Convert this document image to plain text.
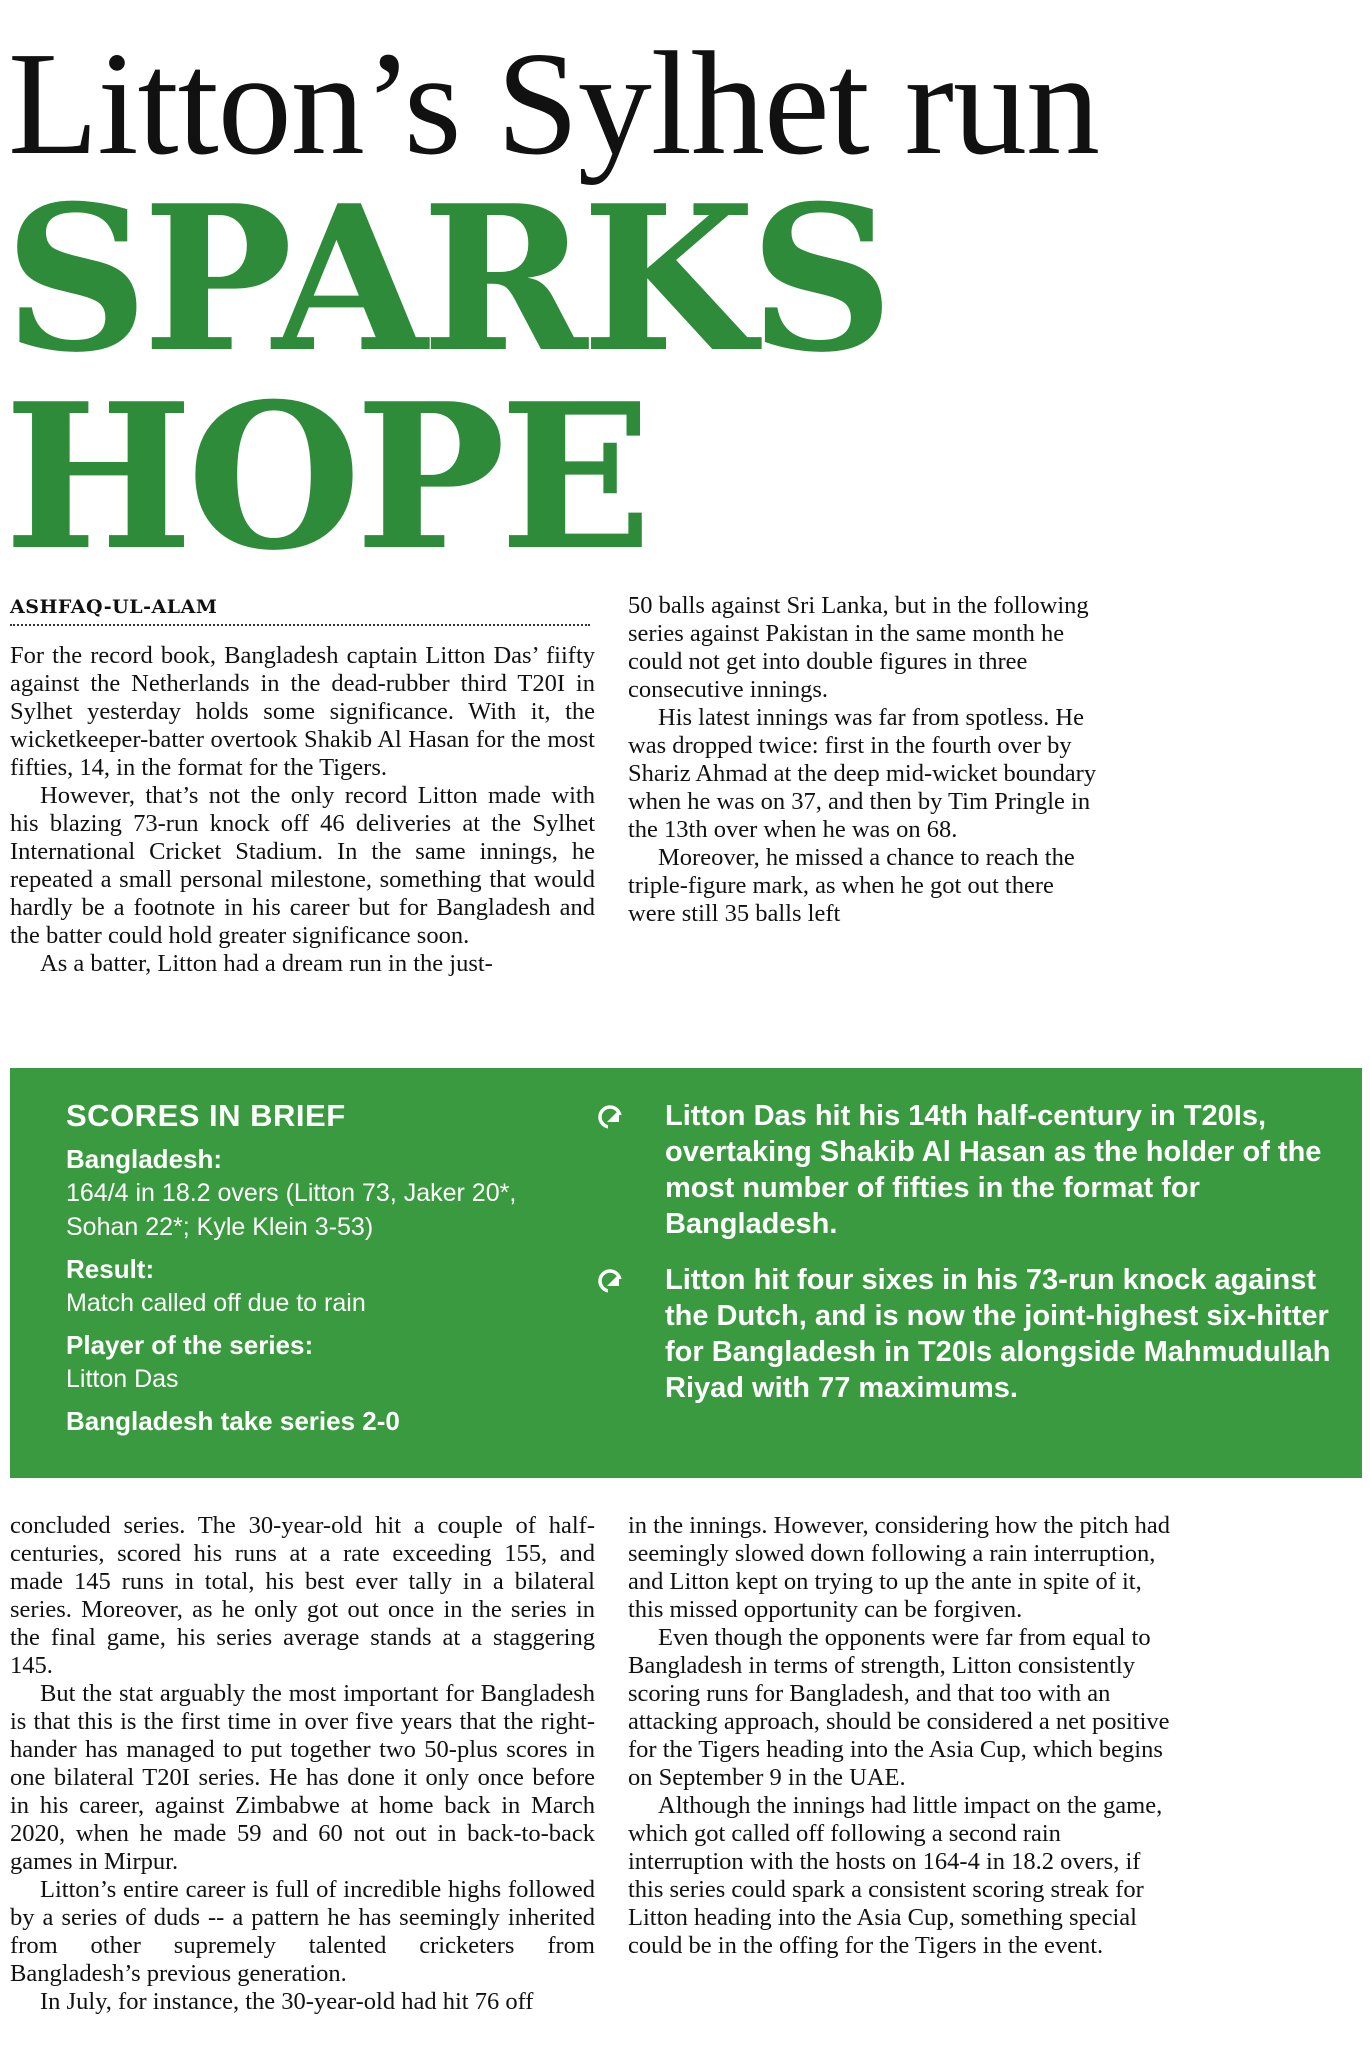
Litton’s Sylhet run
SPARKS
HOPE
ASHFAQ-UL-ALAM

For the record book, Bangladesh captain Litton Das’ fiifty against the Netherlands in the dead-rubber third T20I in Sylhet yesterday holds some significance. With it, the wicketkeeper-batter overtook Shakib Al Hasan for the most fifties, 14, in the format for the Tigers.

However, that’s not the only record Litton made with his blazing 73-run knock off 46 deliveries at the Sylhet International Cricket Stadium. In the same innings, he repeated a small personal milestone, something that would hardly be a footnote in his career but for Bangladesh and the batter could hold greater significance soon.

As a batter, Litton had a dream run in the just-

50 balls against Sri Lanka, but in the following series against Pakistan in the same month he could not get into double figures in three consecutive innings.

His latest innings was far from spotless. He was dropped twice: first in the fourth over by Shariz Ahmad at the deep mid-wicket boundary when he was on 37, and then by Tim Pringle in the 13th over when he was on 68.

Moreover, he missed a chance to reach the triple-figure mark, as when he got out there were still 35 balls left

SCORES IN BRIEF
Bangladesh:
164/4 in 18.2 overs (Litton 73, Jaker 20*, Sohan 22*; Kyle Klein 3-53)
Result:
Match called off due to rain
Player of the series:
Litton Das
Bangladesh take series 2-0
Litton Das hit his 14th half-century in T20Is, overtaking Shakib Al Hasan as the holder of the most number of fifties in the format for Bangladesh.
Litton hit four sixes in his 73-run knock against the Dutch, and is now the joint-highest six-hitter for Bangladesh in T20Is alongside Mahmudullah Riyad with 77 maximums.

concluded series. The 30-year-old hit a couple of half-centuries, scored his runs at a rate exceeding 155, and made 145 runs in total, his best ever tally in a bilateral series. Moreover, as he only got out once in the series in the final game, his series average stands at a staggering 145.

But the stat arguably the most important for Bangladesh is that this is the first time in over five years that the right-hander has managed to put together two 50-plus scores in one bilateral T20I series. He has done it only once before in his career, against Zimbabwe at home back in March 2020, when he made 59 and 60 not out in back-to-back games in Mirpur.

Litton’s entire career is full of incredible highs followed by a series of duds -- a pattern he has seemingly inherited from other supremely talented cricketers from Bangladesh’s previous generation.

In July, for instance, the 30-year-old had hit 76 off

in the innings. However, considering how the pitch had seemingly slowed down following a rain interruption, and Litton kept on trying to up the ante in spite of it, this missed opportunity can be forgiven.

Even though the opponents were far from equal to Bangladesh in terms of strength, Litton consistently scoring runs for Bangladesh, and that too with an attacking approach, should be considered a net positive for the Tigers heading into the Asia Cup, which begins on September 9 in the UAE.

Although the innings had little impact on the game, which got called off following a second rain interruption with the hosts on 164-4 in 18.2 overs, if this series could spark a consistent scoring streak for Litton heading into the Asia Cup, something special could be in the offing for the Tigers in the event.
